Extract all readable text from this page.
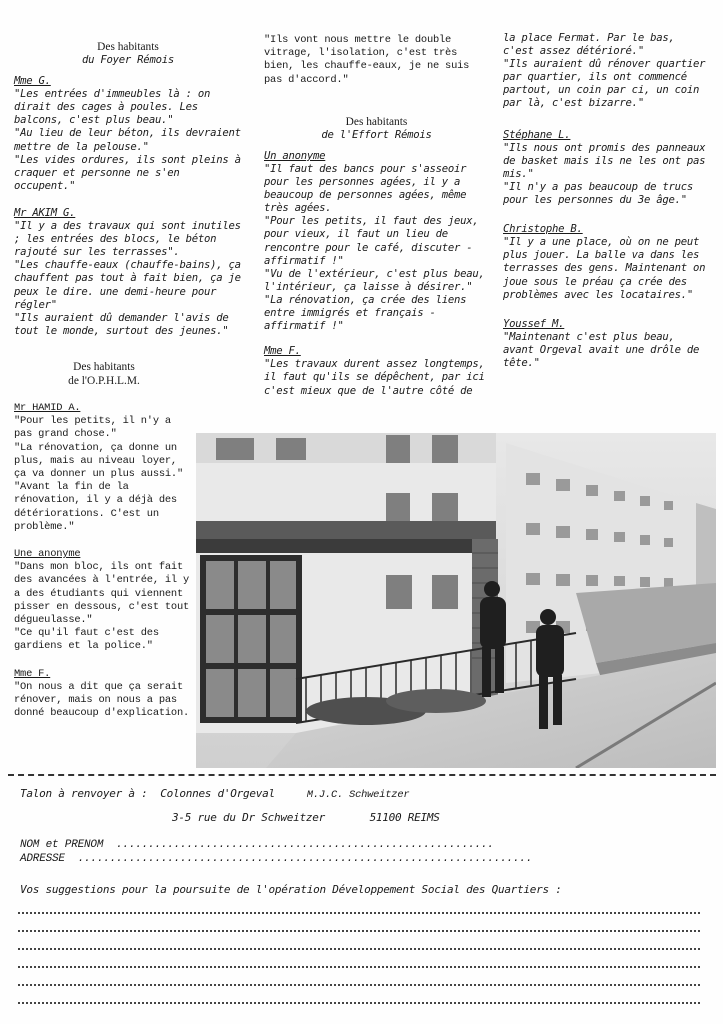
Des habitants
du Foyer Rémois

Mme G.

"Les entrées d'immeubles là : on dirait des cages à poules. Les balcons, c'est plus beau."

"Au lieu de leur béton, ils devraient mettre de la pelouse."

"Les vides ordures, ils sont pleins à craquer et personne ne s'en occupent."

Mr AKIM G.

"Il y a des travaux qui sont inutiles ; les entrées des blocs, le béton rajouté sur les terrasses".

"Les chauffe-eaux (chauffe-bains), ça chauffent pas tout à fait bien, ça je peux le dire. une demi-heure pour régler"

"Ils auraient dû demander l'avis de tout le monde, surtout des jeunes."

"Ils vont nous mettre le double vitrage, l'isolation, c'est très bien, les chauffe-eaux, je ne suis pas d'accord."

Des habitants
de l'Effort Rémois

Un anonyme

"Il faut des bancs pour s'asseoir pour les personnes agées, il y a beaucoup de personnes agées, même très agées.

"Pour les petits, il faut des jeux, pour vieux, il faut un lieu de rencontre pour le café, discuter - affirmatif !"

"Vu de l'extérieur, c'est plus beau, l'intérieur, ça laisse à désirer."

"La rénovation, ça crée des liens entre immigrés et français - affirmatif !"

Mme F.

"Les travaux durent assez longtemps, il faut qu'ils se dépêchent, par ici c'est mieux que de l'autre côté de

la place Fermat. Par le bas, c'est assez détérioré."

"Ils auraient dû rénover quartier par quartier, ils ont commencé partout, un coin par ci, un coin par là, c'est bizarre."

Stéphane L.

"Ils nous ont promis des panneaux de basket mais ils ne les ont pas mis."

"Il n'y a pas beaucoup de trucs pour les personnes du 3e âge."

Christophe B.

"Il y a une place, où on ne peut plus jouer. La balle va dans les terrasses des gens. Maintenant on joue sous le préau ça crée des problèmes avec les locataires."

Youssef M.

"Maintenant c'est plus beau, avant Orgeval avait une drôle de tête."

Des habitants
de l'O.P.H.L.M.

Mr HAMID A.

"Pour les petits, il n'y a pas grand chose."

"La rénovation, ça donne un plus, mais au niveau loyer, ça va donner un plus aussi."

"Avant la fin de la rénovation, il y a déjà des détériorations. C'est un problème."

Une anonyme

"Dans mon bloc, ils ont fait des avancées à l'entrée, il y a des étudiants qui viennent pisser en dessous, c'est tout dégueulasse."

"Ce qu'il faut c'est des gardiens et la police."

Mme F.

"On nous a dit que ça serait rénover, mais on nous a pas donné beaucoup d'explication.

Talon à renvoyer à : Colonnes d'Orgeval	M.J.C. Schweitzer
3-5 rue du Dr Schweitzer	51100 REIMS
NOM et PRENOM ...........................................................
ADRESSE .......................................................................
Vos suggestions pour la poursuite de l'opération Développement Social des Quartiers :
